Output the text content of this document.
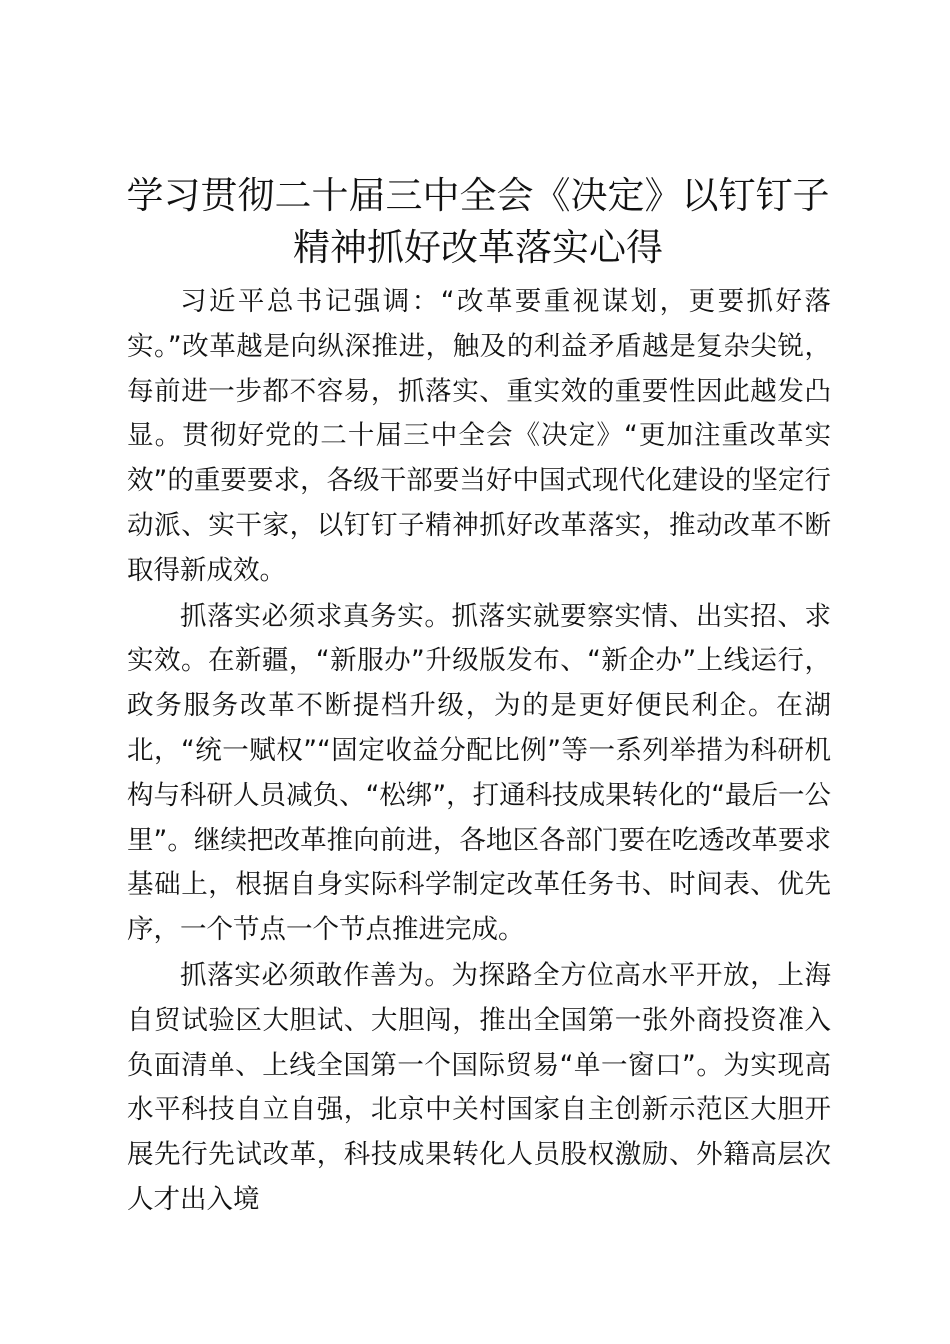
学习贯彻二十届三中全会《决定》以钉钉子精神抓好改革落实心得

习近平总书记强调：“改革要重视谋划，更要抓好落实。”改革越是向纵深推进，触及的利益矛盾越是复杂尖锐，每前进一步都不容易，抓落实、重实效的重要性因此越发凸显。贯彻好党的二十届三中全会《决定》“更加注重改革实效”的重要要求，各级干部要当好中国式现代化建设的坚定行动派、实干家，以钉钉子精神抓好改革落实，推动改革不断取得新成效。

抓落实必须求真务实。抓落实就要察实情、出实招、求实效。在新疆，“新服办”升级版发布、“新企办”上线运行，政务服务改革不断提档升级，为的是更好便民利企。在湖北，“统一赋权”“固定收益分配比例”等一系列举措为科研机构与科研人员减负、“松绑”，打通科技成果转化的“最后一公里”。继续把改革推向前进，各地区各部门要在吃透改革要求基础上，根据自身实际科学制定改革任务书、时间表、优先序，一个节点一个节点推进完成。

抓落实必须敢作善为。为探路全方位高水平开放，上海自贸试验区大胆试、大胆闯，推出全国第一张外商投资准入负面清单、上线全国第一个国际贸易“单一窗口”。为实现高水平科技自立自强，北京中关村国家自主创新示范区大胆开展先行先试改革，科技成果转化人员股权激励、外籍高层次人才出入境
